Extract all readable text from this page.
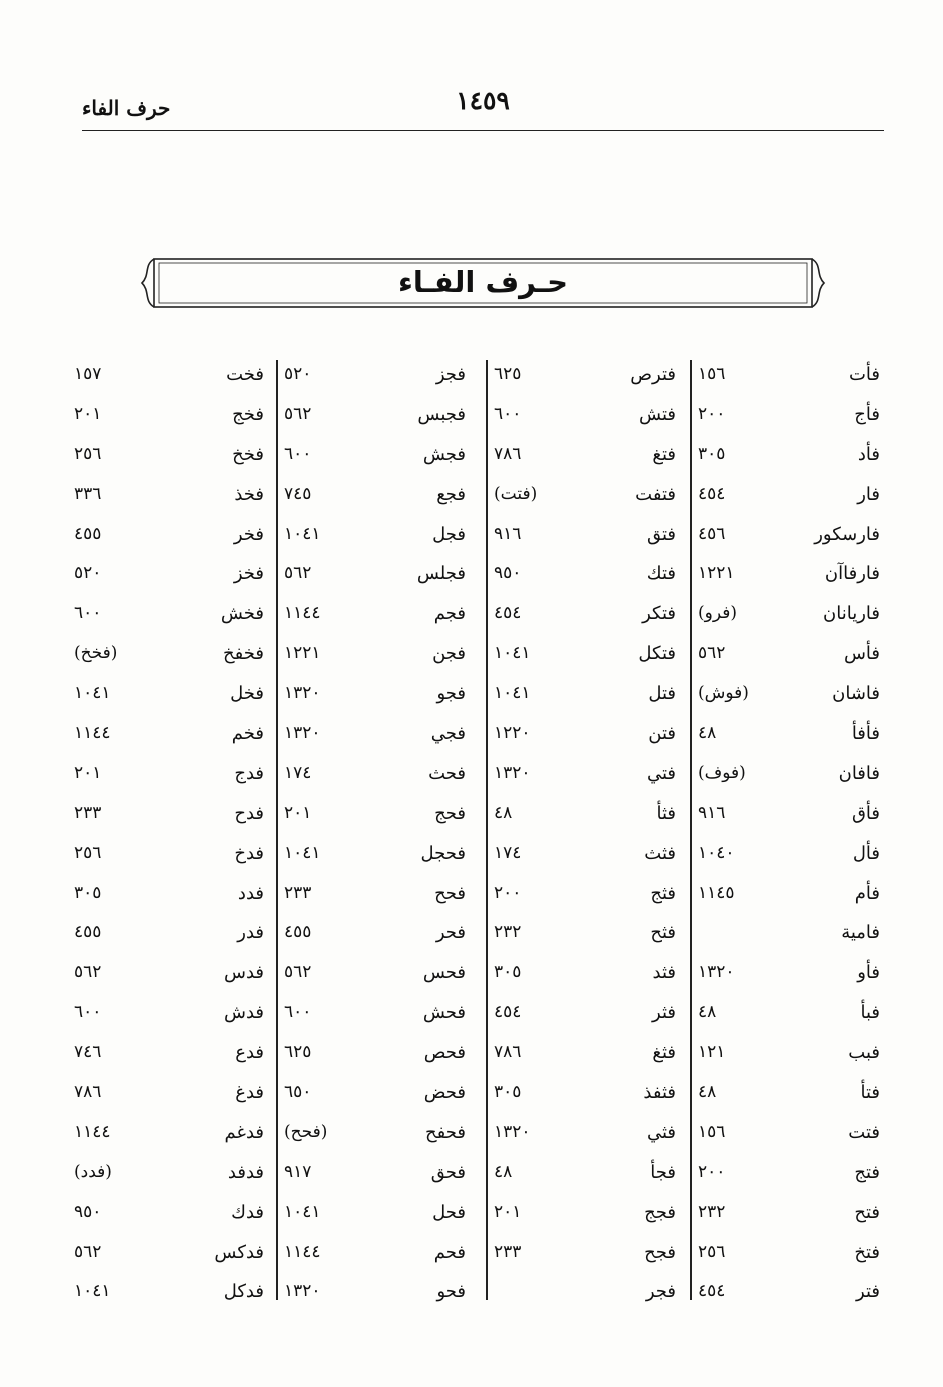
١٤٥٩
حرف الفاء
حـرف الفـاء
فأت
١٥٦
فأج
٢٠٠
فأد
٣٠٥
فار
٤٥٤
فارسكور
٤٥٦
فارفاآن
١٢٢١
فاريانان
(فرو)
فأس
٥٦٢
فاشان
(فوش)
فأفأ
٤٨
فافان
(فوف)
فأق
٩١٦
فأل
١٠٤٠
فأم
١١٤٥
فامية
فأو
١٣٢٠
فبأ
٤٨
فبب
١٢١
فتأ
٤٨
فتت
١٥٦
فتج
٢٠٠
فتح
٢٣٢
فتخ
٢٥٦
فتر
٤٥٤
فترص
٦٢٥
فتش
٦٠٠
فتغ
٧٨٦
فتفت
(فتت)
فتق
٩١٦
فتك
٩٥٠
فتكر
٤٥٤
فتكل
١٠٤١
فتل
١٠٤١
فتن
١٢٢٠
فتي
١٣٢٠
فثأ
٤٨
فثث
١٧٤
فثج
٢٠٠
فثح
٢٣٢
فثد
٣٠٥
فثر
٤٥٤
فثغ
٧٨٦
فثفذ
٣٠٥
فثي
١٣٢٠
فجأ
٤٨
فجج
٢٠١
فجح
٢٣٣
فجر
فجز
٥٢٠
فجبس
٥٦٢
فجش
٦٠٠
فجع
٧٤٥
فجل
١٠٤١
فجلس
٥٦٢
فجم
١١٤٤
فجن
١٢٢١
فجو
١٣٢٠
فجي
١٣٢٠
فحث
١٧٤
فحج
٢٠١
فحجل
١٠٤١
فحح
٢٣٣
فحر
٤٥٥
فحس
٥٦٢
فحش
٦٠٠
فحص
٦٢٥
فحض
٦٥٠
فحفح
(فحح)
فحق
٩١٧
فحل
١٠٤١
فحم
١١٤٤
فحو
١٣٢٠
فخت
١٥٧
فخج
٢٠١
فخخ
٢٥٦
فخذ
٣٣٦
فخر
٤٥٥
فخز
٥٢٠
فخش
٦٠٠
فخفخ
(فخخ)
فخل
١٠٤١
فخم
١١٤٤
فدج
٢٠١
فدح
٢٣٣
فدخ
٢٥٦
فدد
٣٠٥
فدر
٤٥٥
فدس
٥٦٢
فدش
٦٠٠
فدع
٧٤٦
فدغ
٧٨٦
فدغم
١١٤٤
فدفد
(فدد)
فدك
٩٥٠
فدكس
٥٦٢
فدكل
١٠٤١
